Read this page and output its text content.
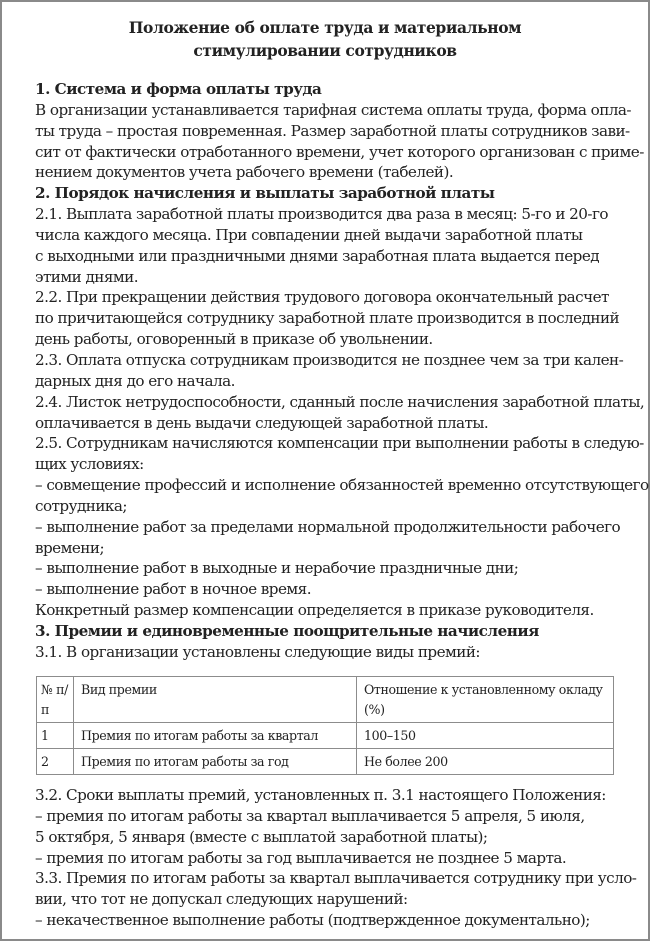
Положение об оплате труда и материальном
стимулировании сотрудников
1. Система и форма оплаты труда
В организации устанавливается тарифная система оплаты труда, форма опла-
ты труда – простая повременная. Размер заработной платы сотрудников зави-
сит от фактически отработанного времени, учет которого организован с приме-
нением документов учета рабочего времени (табелей).
2. Порядок начисления и выплаты заработной платы
2.1. Выплата заработной платы производится два раза в месяц: 5-го и 20-го
числа каждого месяца. При совпадении дней выдачи заработной платы
с выходными или праздничными днями заработная плата выдается перед
этими днями.
2.2. При прекращении действия трудового договора окончательный расчет
по причитающейся сотруднику заработной плате производится в последний
день работы, оговоренный в приказе об увольнении.
2.3. Оплата отпуска сотрудникам производится не позднее чем за три кален-
дарных дня до его начала.
2.4. Листок нетрудоспособности, сданный после начисления заработной платы,
оплачивается в день выдачи следующей заработной платы.
2.5. Сотрудникам начисляются компенсации при выполнении работы в следую-
щих условиях:
– совмещение профессий и исполнение обязанностей временно отсутствующего
сотрудника;
– выполнение работ за пределами нормальной продолжительности рабочего
времени;
– выполнение работ в выходные и нерабочие праздничные дни;
– выполнение работ в ночное время.
Конкретный размер компенсации определяется в приказе руководителя.
3. Премии и единовременные поощрительные начисления
3.1. В организации установлены следующие виды премий:
№ п/п	Вид премии	Отношение к установленному окладу (%)
1	Премия по итогам работы за квартал	100–150
2	Премия по итогам работы за год	Не более 200
3.2. Сроки выплаты премий, установленных п. 3.1 настоящего Положения:
– премия по итогам работы за квартал выплачивается 5 апреля, 5 июля,
5 октября, 5 января (вместе с выплатой заработной платы);
– премия по итогам работы за год выплачивается не позднее 5 марта.
3.3. Премия по итогам работы за квартал выплачивается сотруднику при усло-
вии, что тот не допускал следующих нарушений:
– некачественное выполнение работы (подтвержденное документально);
